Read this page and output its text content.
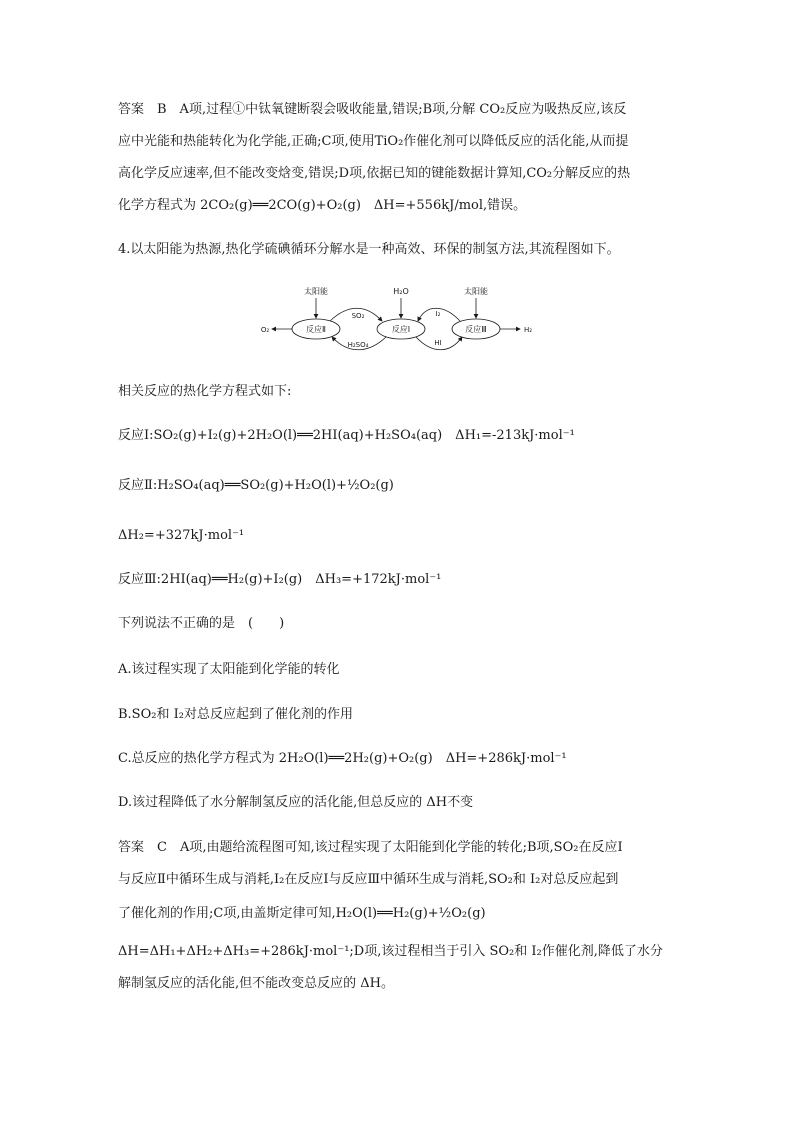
答案　B　A项,过程①中钛氧键断裂会吸收能量,错误;B项,分解 CO₂反应为吸热反应,该反
应中光能和热能转化为化学能,正确;C项,使用TiO₂作催化剂可以降低反应的活化能,从而提
高化学反应速率,但不能改变焓变,错误;D项,依据已知的键能数据计算知,CO₂分解反应的热
化学方程式为 2CO₂(g)══2CO(g)+O₂(g)　ΔH=+556kJ/mol,错误。
4.以太阳能为热源,热化学硫碘循环分解水是一种高效、环保的制氢方法,其流程图如下。
太阳能	H₂O	太阳能
反应Ⅱ	反应Ⅰ	反应Ⅲ
O₂	H₂
SO₂
H₂SO₄
I₂
HI
相关反应的热化学方程式如下:
反应Ⅰ:SO₂(g)+I₂(g)+2H₂O(l)══2HI(aq)+H₂SO₄(aq)　ΔH₁=-213kJ·mol⁻¹
反应Ⅱ:H₂SO₄(aq)══SO₂(g)+H₂O(l)+½O₂(g)
ΔH₂=+327kJ·mol⁻¹
反应Ⅲ:2HI(aq)══H₂(g)+I₂(g)　ΔH₃=+172kJ·mol⁻¹
下列说法不正确的是　(　　)
A.该过程实现了太阳能到化学能的转化
B.SO₂和 I₂对总反应起到了催化剂的作用
C.总反应的热化学方程式为 2H₂O(l)══2H₂(g)+O₂(g)　ΔH=+286kJ·mol⁻¹
D.该过程降低了水分解制氢反应的活化能,但总反应的 ΔH不变
答案　C　A项,由题给流程图可知,该过程实现了太阳能到化学能的转化;B项,SO₂在反应Ⅰ
与反应Ⅱ中循环生成与消耗,I₂在反应Ⅰ与反应Ⅲ中循环生成与消耗,SO₂和 I₂对总反应起到
了催化剂的作用;C项,由盖斯定律可知,H₂O(l)══H₂(g)+½O₂(g)
ΔH=ΔH₁+ΔH₂+ΔH₃=+286kJ·mol⁻¹;D项,该过程相当于引入 SO₂和 I₂作催化剂,降低了水分
解制氢反应的活化能,但不能改变总反应的 ΔH。
